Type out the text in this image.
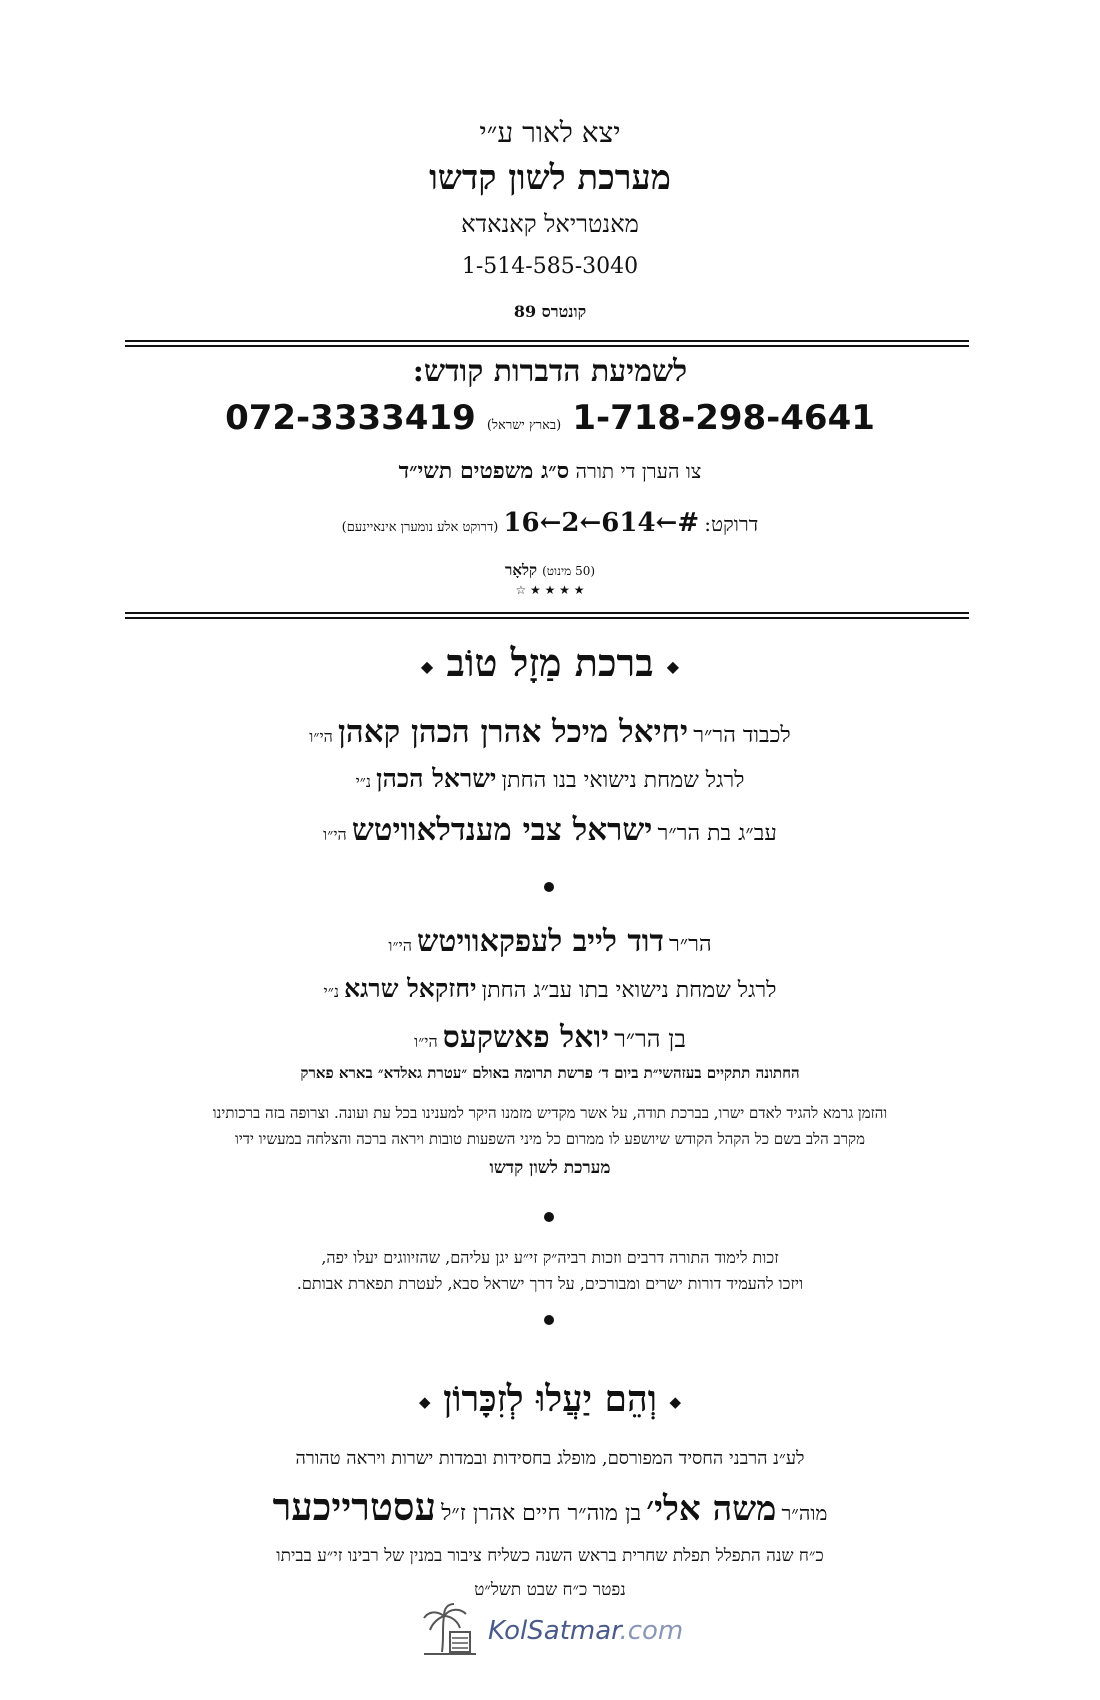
יצא לאור ע״י
מערכת לשון קדשו
מאנטריאל קאנאדא
1-514-585-3040
קונטרס 89
לשמיעת הדברות קודש:
1-718-298-4641 (בארץ ישראל) 072-3333419
צו הערן די תורה ס״ג משפטים תשי״ד
דרוקט: #←614←2←16 (דרוקט אלע נומערן אינאיינעם)
(50 מינוט) קלאָר
★ ★ ★ ★ ☆
◆ ברכת מַזָל טוֹב ◆
לכבוד הר״ר יחיאל מיכל אהרן הכהן קאהן הי״ו
לרגל שמחת נישואי בנו החתן ישראל הכהן נ״י
עב״ג בת הר״ר ישראל צבי מענדלאוויטש הי״ו
הר״ר דוד לייב לעפקאוויטש הי״ו
לרגל שמחת נישואי בתו עב״ג החתן יחזקאל שרגא נ״י
בן הר״ר יואל פאשקעס הי״ו
החתונה תתקיים בעזהשי״ת ביום ד׳ פרשת תרומה באולם ״עטרת גאלדא״ בארא פארק
והזמן גרמא להגיד לאדם ישרו, בברכת תודה, על אשר מקדיש מזמנו היקר למענינו בכל עת ועונה. וצרופה בזה ברכותינו
מקרב הלב בשם כל הקהל הקודש שיושפע לו ממרום כל מיני השפעות טובות ויראה ברכה והצלחה במעשיו ידיו
מערכת לשון קדשו
זכות לימוד התורה דרבים וזכות רביה״ק זי״ע יגן עליהם, שהזיווגים יעלו יפה,
ויזכו להעמיד דורות ישרים ומבורכים, על דרך ישראל סבא, לעטרת תפארת אבותם.
◆ וְהֵם יַעֲלוּ לְזִכָּרוֹן ◆
לע״נ הרבני החסיד המפורסם, מופלג בחסידות ובמדות ישרות ויראה טהורה
מוה״ר משה אלי׳ בן מוה״ר חיים אהרן ז״ל עסטרייכער
כ״ח שנה התפלל תפלת שחרית בראש השנה כשליח ציבור במנין של רבינו זי״ע בביתו
נפטר כ״ח שבט תשל״ט
KolSatmar.com
